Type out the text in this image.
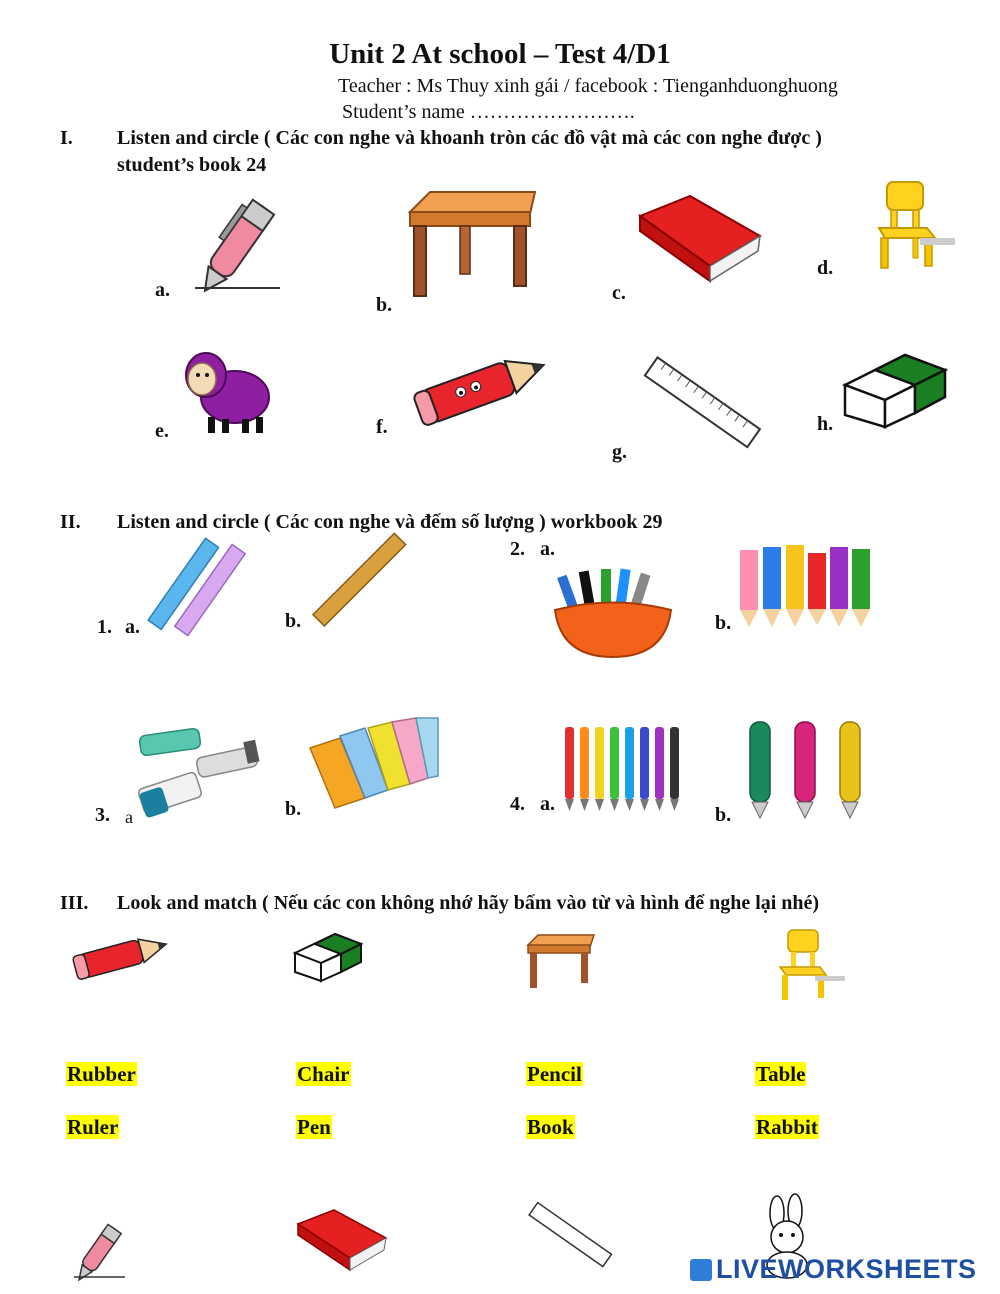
Unit 2 At school – Test 4/D1
Teacher : Ms Thuy xinh gái / facebook : Tienganhduonghuong
Student’s name …………………….
I. Listen and circle ( Các con nghe và khoanh tròn các đồ vật mà các con nghe được )
student’s book 24
a.
b.
c.
d.
e.	f.
g.
h.
II. Listen and circle ( Các con nghe và đếm số lượng ) workbook 29
1. a.	b.
2. a.
b.
3. a	b.	4. a.	b.
III. Look and match ( Nếu các con không nhớ hãy bấm vào từ và hình để nghe lại nhé)
Rubber	Chair	Pencil	Table
Ruler	Pen	Book	Rabbit
LIVEWORKSHEETS
